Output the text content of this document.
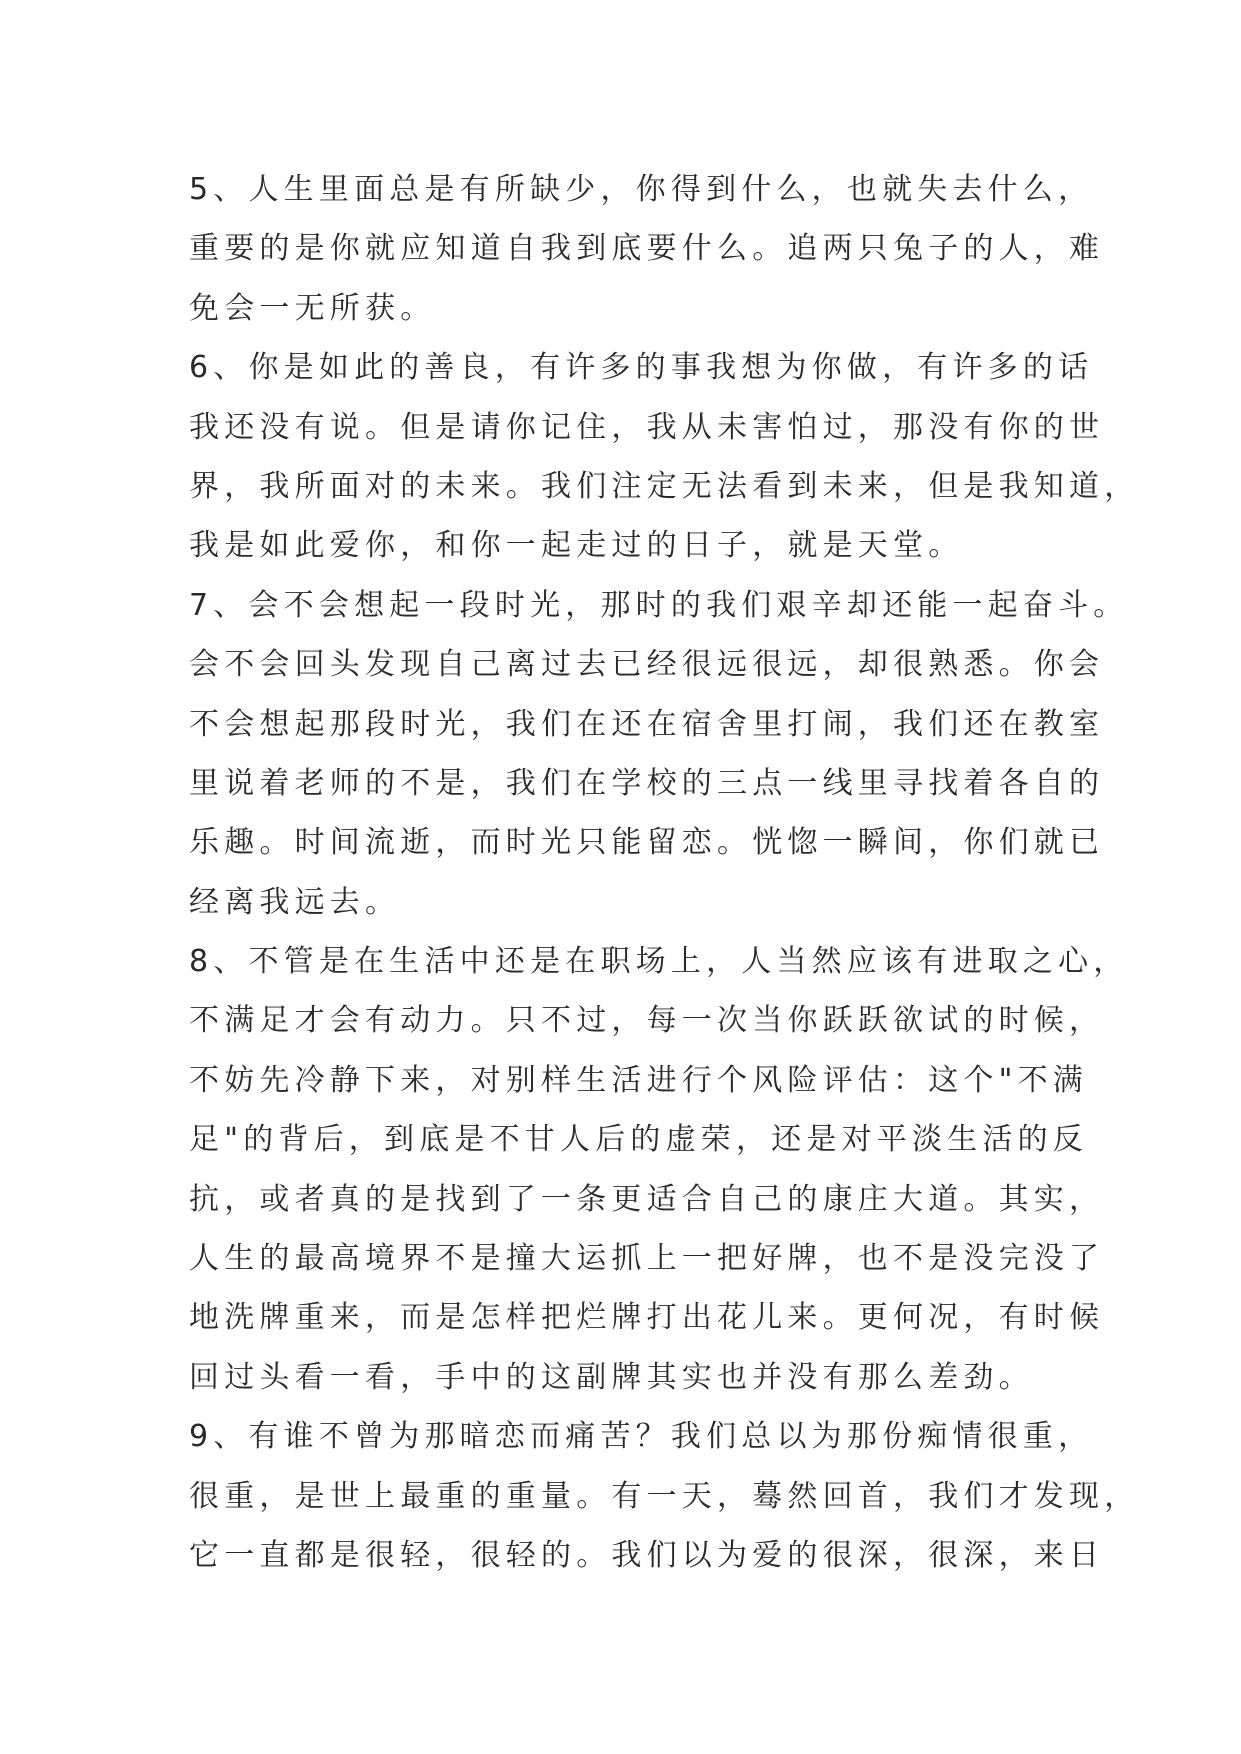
5、人生里面总是有所缺少，你得到什么，也就失去什么，
重要的是你就应知道自我到底要什么。追两只兔子的人，难
免会一无所获。
6、你是如此的善良，有许多的事我想为你做，有许多的话
我还没有说。但是请你记住，我从未害怕过，那没有你的世
界，我所面对的未来。我们注定无法看到未来，但是我知道，
我是如此爱你，和你一起走过的日子，就是天堂。
7、会不会想起一段时光，那时的我们艰辛却还能一起奋斗。
会不会回头发现自己离过去已经很远很远，却很熟悉。你会
不会想起那段时光，我们在还在宿舍里打闹，我们还在教室
里说着老师的不是，我们在学校的三点一线里寻找着各自的
乐趣。时间流逝，而时光只能留恋。恍惚一瞬间，你们就已
经离我远去。
8、不管是在生活中还是在职场上，人当然应该有进取之心，
不满足才会有动力。只不过，每一次当你跃跃欲试的时候，
不妨先冷静下来，对别样生活进行个风险评估：这个"不满
足"的背后，到底是不甘人后的虚荣，还是对平淡生活的反
抗，或者真的是找到了一条更适合自己的康庄大道。其实，
人生的最高境界不是撞大运抓上一把好牌，也不是没完没了
地洗牌重来，而是怎样把烂牌打出花儿来。更何况，有时候
回过头看一看，手中的这副牌其实也并没有那么差劲。
9、有谁不曾为那暗恋而痛苦？我们总以为那份痴情很重，
很重，是世上最重的重量。有一天，蓦然回首，我们才发现，
它一直都是很轻，很轻的。我们以为爱的很深，很深，来日
